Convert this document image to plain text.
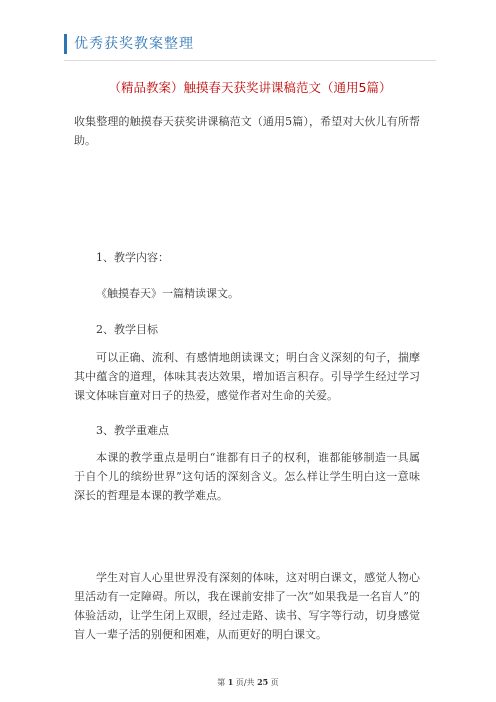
优秀获奖教案整理
（精品教案）触摸春天获奖讲课稿范文（通用5篇）

收集整理的触摸春天获奖讲课稿范文（通用5篇），希望对大伙儿有所帮助。

1、教学内容：

《触摸春天》一篇精读课文。

2、教学目标

可以正确、流利、有感情地朗读课文；明白含义深刻的句子，揣摩其中蕴含的道理，体味其表达效果，增加语言积存。引导学生经过学习课文体味盲童对日子的热爱，感觉作者对生命的关爱。

3、教学重难点

本课的教学重点是明白“谁都有日子的权利，谁都能够制造一具属于自个儿的缤纷世界”这句话的深刻含义。怎么样让学生明白这一意味深长的哲理是本课的教学难点。

学生对盲人心里世界没有深刻的体味，这对明白课文，感觉人物心里活动有一定障碍。所以，我在课前安排了一次“如果我是一名盲人”的体验活动，让学生闭上双眼，经过走路、读书、写字等行动，切身感觉盲人一辈子活的别便和困难，从而更好的明白课文。

第 1 页/共 25 页
